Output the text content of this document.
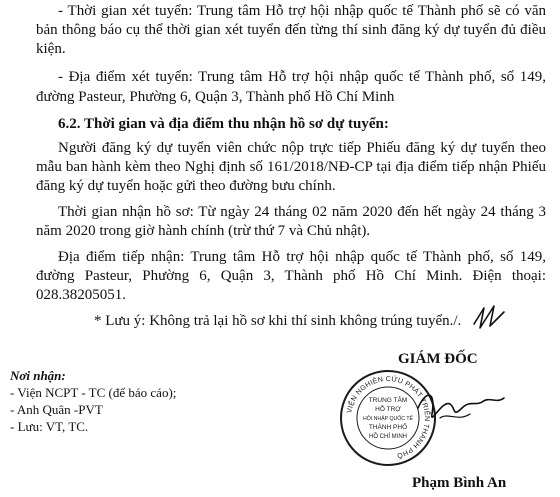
- Thời gian xét tuyển: Trung tâm Hỗ trợ hội nhập quốc tế Thành phố sẽ có văn
bản thông báo cụ thể thời gian xét tuyển đến từng thí sinh đăng ký dự tuyển đủ điều
kiện.
- Địa điểm xét tuyển: Trung tâm Hỗ trợ hội nhập quốc tế Thành phố, số 149,
đường Pasteur, Phường 6, Quận 3, Thành phố Hồ Chí Minh
6.2. Thời gian và địa điểm thu nhận hồ sơ dự tuyển:
Người đăng ký dự tuyển viên chức nộp trực tiếp Phiếu đăng ký dự tuyển theo
mẫu ban hành kèm theo Nghị định số 161/2018/NĐ-CP tại địa điểm tiếp nhận Phiếu
đăng ký dự tuyển hoặc gửi theo đường bưu chính.
Thời gian nhận hồ sơ: Từ ngày 24 tháng 02 năm 2020 đến hết ngày 24 tháng 3
năm 2020 trong giờ hành chính (trừ thứ 7 và Chủ nhật).
Địa điểm tiếp nhận: Trung tâm Hỗ trợ hội nhập quốc tế Thành phố, số 149,
đường Pasteur, Phường 6, Quận 3, Thành phố Hồ Chí Minh. Điện thoại:
028.38205051.
* Lưu ý: Không trả lại hồ sơ khi thí sinh không trúng tuyển./.
Nơi nhận:
- Viện NCPT - TC (để báo cáo);
- Anh Quân -PVT
- Lưu: VT, TC.
GIÁM ĐỐC
VIỆN NGHIÊN CỨU PHÁT TRIỂN THÀNH PHỐ
TRUNG TÂM
HỖ TRỢ
HỘI NHẬP QUỐC TẾ
THÀNH PHỐ
HỒ CHÍ MINH
Phạm Bình An
